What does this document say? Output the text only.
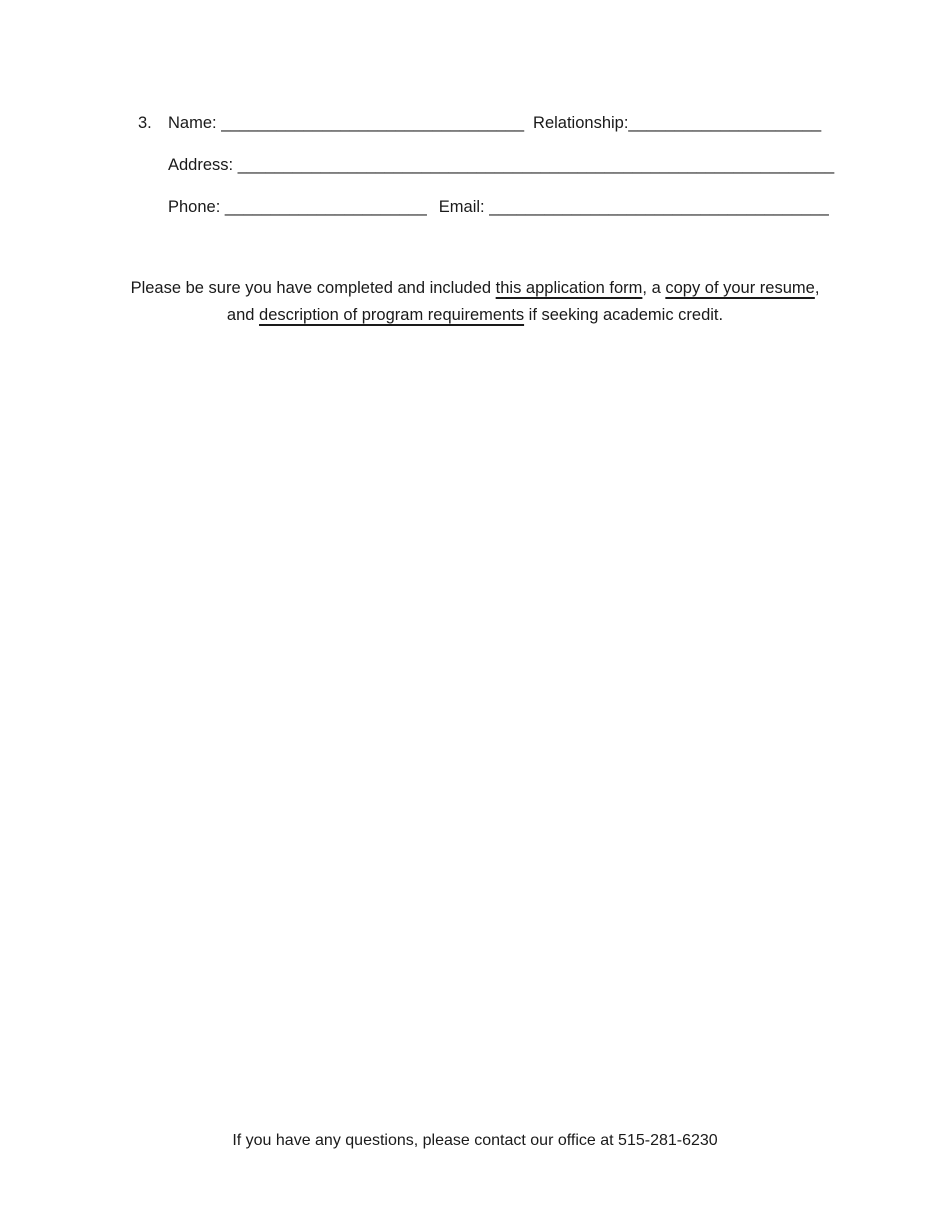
3. Name: _________________________________ Relationship:_____________________
Address: _________________________________________________________________
Phone: ______________________ Email: _____________________________________

Please be sure you have completed and included this application form, a copy of your resume,
and description of program requirements if seeking academic credit.

If you have any questions, please contact our office at 515-281-6230
